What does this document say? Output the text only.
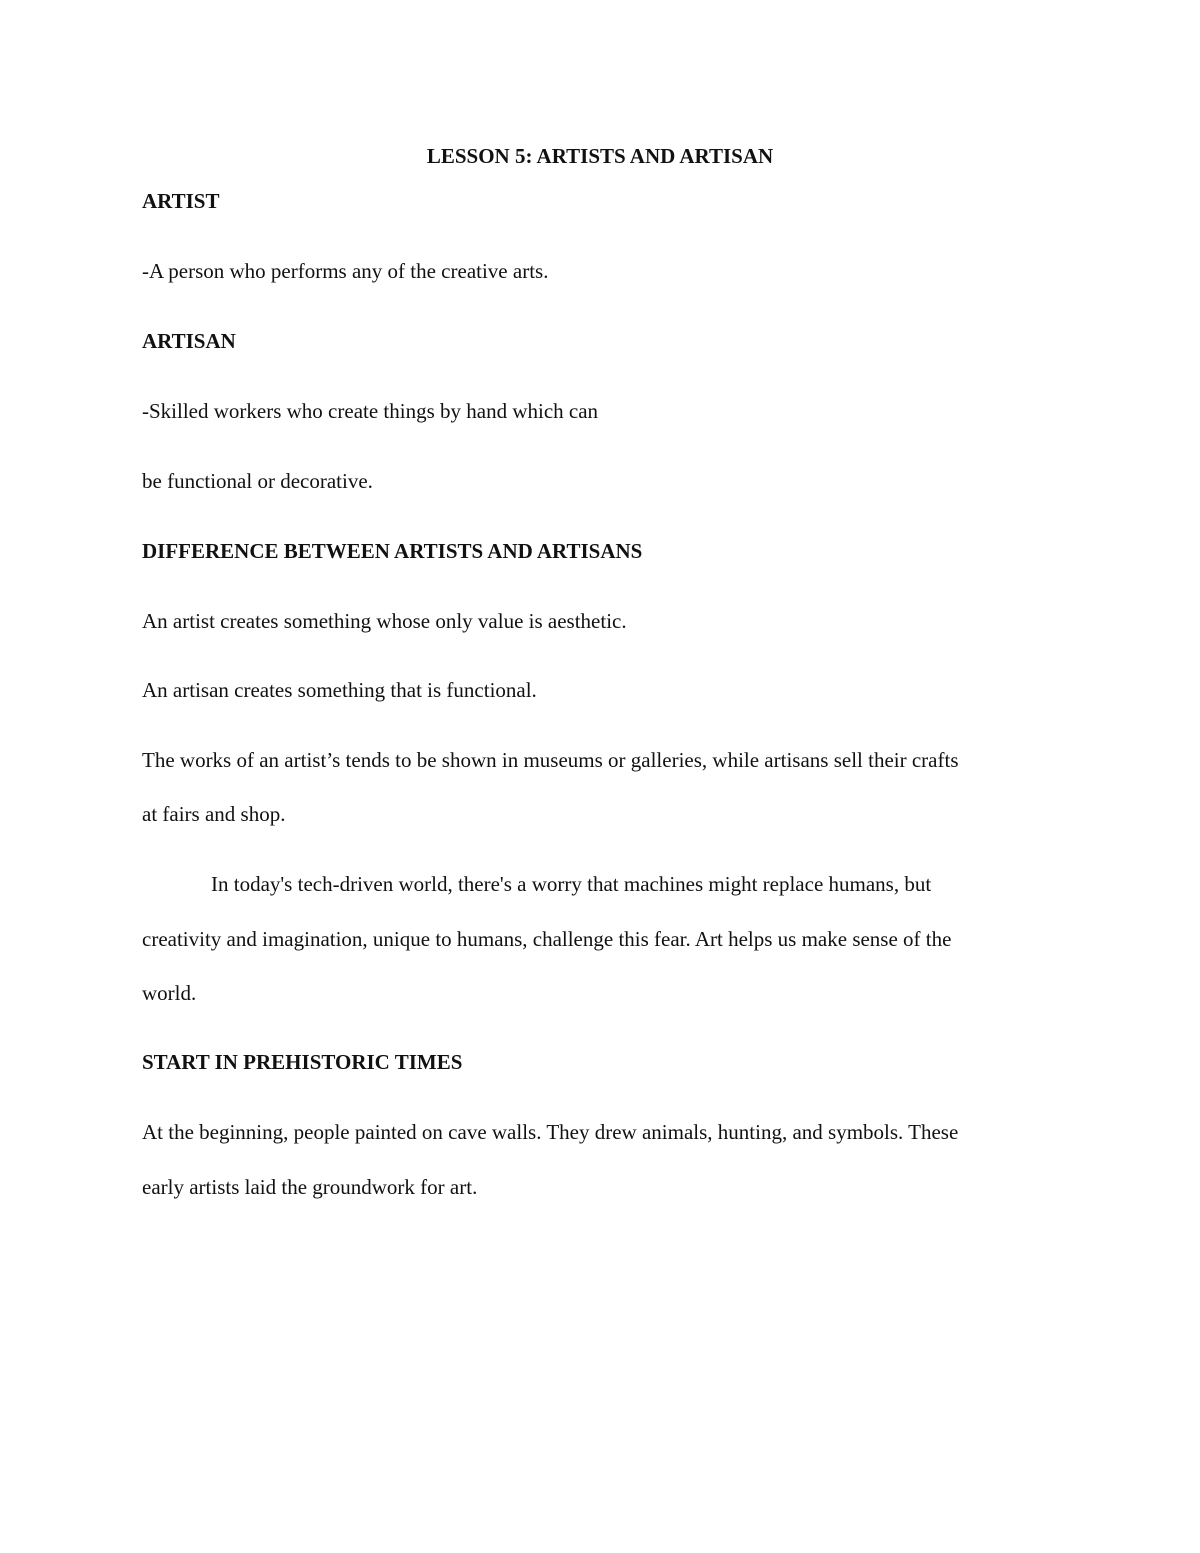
LESSON 5: ARTISTS AND ARTISAN

ARTIST

-A person who performs any of the creative arts.

ARTISAN

-Skilled workers who create things by hand which can

be functional or decorative.

DIFFERENCE BETWEEN ARTISTS AND ARTISANS

An artist creates something whose only value is aesthetic.

An artisan creates something that is functional.

The works of an artist’s tends to be shown in museums or galleries, while artisans sell their crafts

at fairs and shop.

In today's tech-driven world, there's a worry that machines might replace humans, but

creativity and imagination, unique to humans, challenge this fear. Art helps us make sense of the

world.

START IN PREHISTORIC TIMES

At the beginning, people painted on cave walls. They drew animals, hunting, and symbols. These

early artists laid the groundwork for art.
